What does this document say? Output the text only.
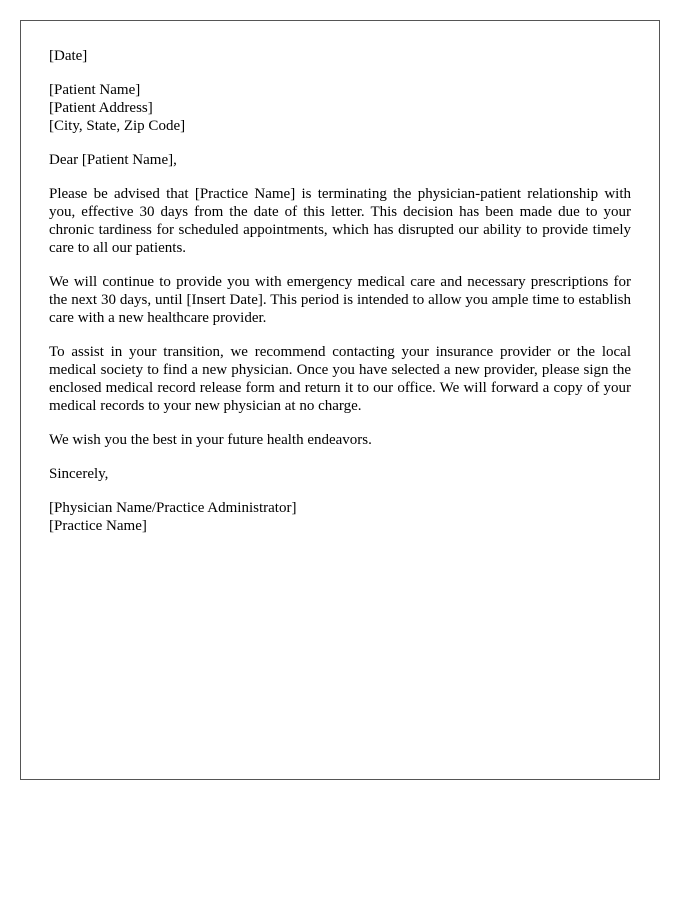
[Date]
[Patient Name]
[Patient Address]
[City, State, Zip Code]
Dear [Patient Name],

Please be advised that [Practice Name] is terminating the physician-patient relationship with you, effective 30 days from the date of this letter. This decision has been made due to your chronic tardiness for scheduled appointments, which has disrupted our ability to provide timely care to all our patients.

We will continue to provide you with emergency medical care and necessary prescriptions for the next 30 days, until [Insert Date]. This period is intended to allow you ample time to establish care with a new healthcare provider.

To assist in your transition, we recommend contacting your insurance provider or the local medical society to find a new physician. Once you have selected a new provider, please sign the enclosed medical record release form and return it to our office. We will forward a copy of your medical records to your new physician at no charge.

We wish you the best in your future health endeavors.

Sincerely,
[Physician Name/Practice Administrator]
[Practice Name]
